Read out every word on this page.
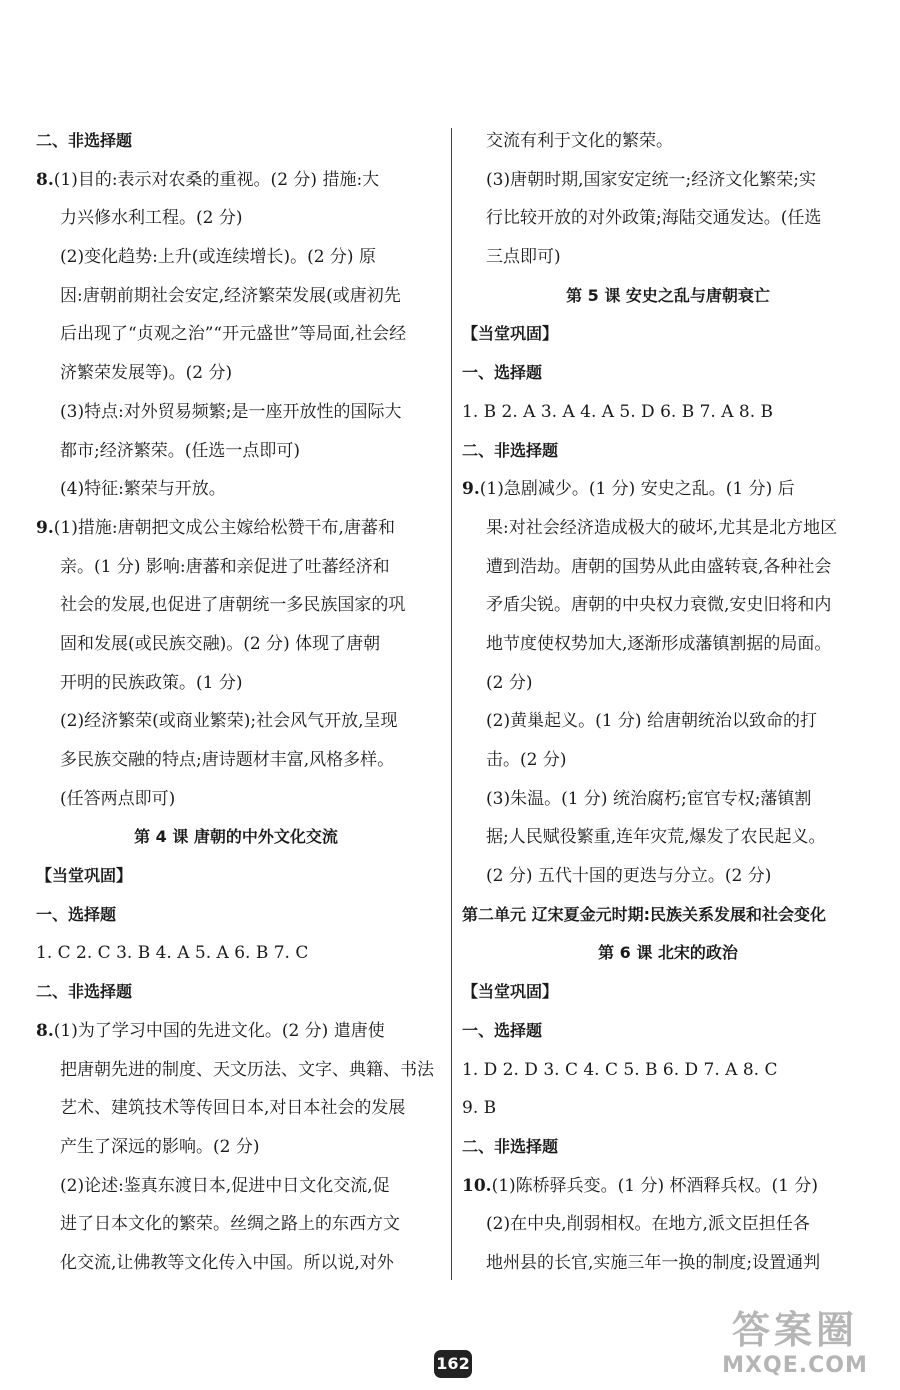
二、非选择题
8.(1)目的:表示对农桑的重视。(2 分) 措施:大
力兴修水利工程。(2 分)
(2)变化趋势:上升(或连续增长)。(2 分) 原
因:唐朝前期社会安定,经济繁荣发展(或唐初先
后出现了“贞观之治”“开元盛世”等局面,社会经
济繁荣发展等)。(2 分)
(3)特点:对外贸易频繁;是一座开放性的国际大
都市;经济繁荣。(任选一点即可)
(4)特征:繁荣与开放。
9.(1)措施:唐朝把文成公主嫁给松赞干布,唐蕃和
亲。(1 分) 影响:唐蕃和亲促进了吐蕃经济和
社会的发展,也促进了唐朝统一多民族国家的巩
固和发展(或民族交融)。(2 分) 体现了唐朝
开明的民族政策。(1 分)
(2)经济繁荣(或商业繁荣);社会风气开放,呈现
多民族交融的特点;唐诗题材丰富,风格多样。
(任答两点即可)
第 4 课 唐朝的中外文化交流
【当堂巩固】
一、选择题
1. C 2. C 3. B 4. A 5. A 6. B 7. C
二、非选择题
8.(1)为了学习中国的先进文化。(2 分) 遣唐使
把唐朝先进的制度、天文历法、文字、典籍、书法
艺术、建筑技术等传回日本,对日本社会的发展
产生了深远的影响。(2 分)
(2)论述:鉴真东渡日本,促进中日文化交流,促
进了日本文化的繁荣。丝绸之路上的东西方文
化交流,让佛教等文化传入中国。所以说,对外
交流有利于文化的繁荣。
(3)唐朝时期,国家安定统一;经济文化繁荣;实
行比较开放的对外政策;海陆交通发达。(任选
三点即可)
第 5 课 安史之乱与唐朝衰亡
【当堂巩固】
一、选择题
1. B 2. A 3. A 4. A 5. D 6. B 7. A 8. B
二、非选择题
9.(1)急剧减少。(1 分) 安史之乱。(1 分) 后
果:对社会经济造成极大的破坏,尤其是北方地区
遭到浩劫。唐朝的国势从此由盛转衰,各种社会
矛盾尖锐。唐朝的中央权力衰微,安史旧将和内
地节度使权势加大,逐渐形成藩镇割据的局面。
(2 分)
(2)黄巢起义。(1 分) 给唐朝统治以致命的打
击。(2 分)
(3)朱温。(1 分) 统治腐朽;宦官专权;藩镇割
据;人民赋役繁重,连年灾荒,爆发了农民起义。
(2 分) 五代十国的更迭与分立。(2 分)
第二单元 辽宋夏金元时期:民族关系发展和社会变化
第 6 课 北宋的政治
【当堂巩固】
一、选择题
1. D 2. D 3. C 4. C 5. B 6. D 7. A 8. C
9. B
二、非选择题
10.(1)陈桥驿兵变。(1 分) 杯酒释兵权。(1 分)
(2)在中央,削弱相权。在地方,派文臣担任各
地州县的长官,实施三年一换的制度;设置通判
162
答案圈
MXQE.COM
